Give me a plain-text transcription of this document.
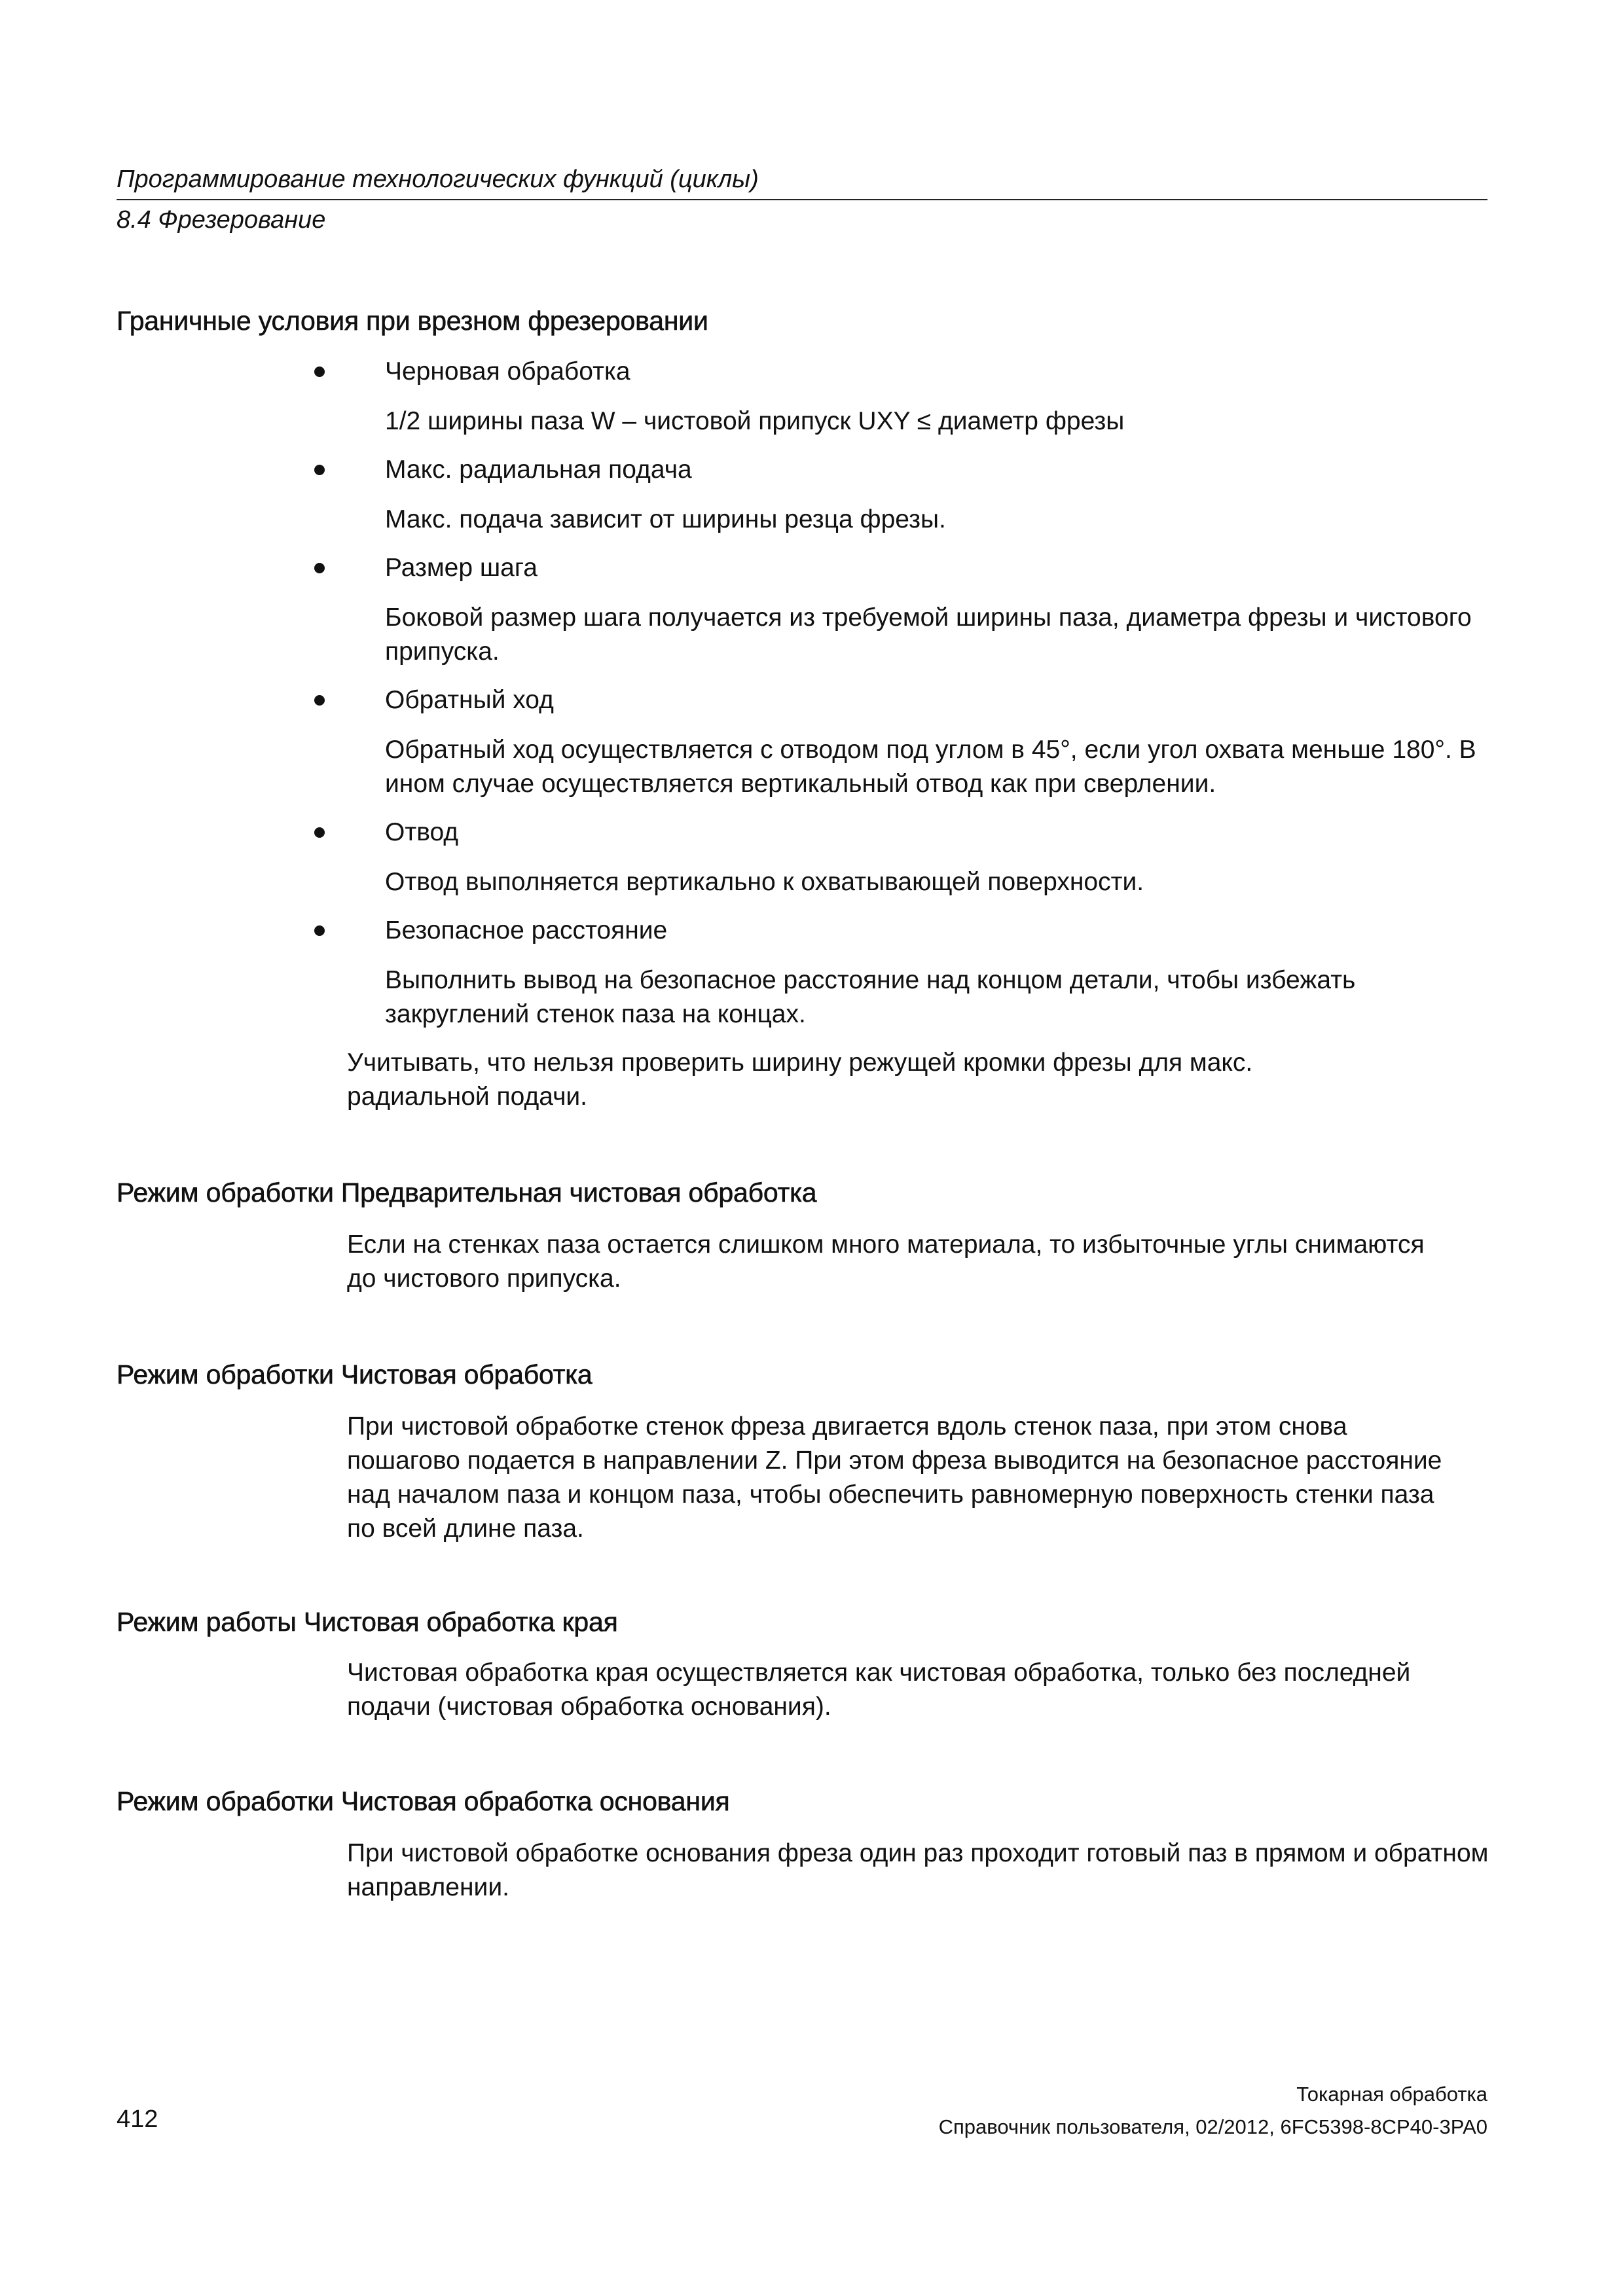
Программирование технологических функций (циклы)
8.4 Фрезерование
Граничные условия при врезном фрезеровании
Черновая обработка
1/2 ширины паза W – чистовой припуск UXY ≤ диаметр фрезы
Макс. радиальная подача
Макс. подача зависит от ширины резца фрезы.
Размер шага
Боковой размер шага получается из требуемой ширины паза, диаметра фрезы и чистового припуска.
Обратный ход
Обратный ход осуществляется с отводом под углом в 45°, если угол охвата меньше 180°. В ином случае осуществляется вертикальный отвод как при сверлении.
Отвод
Отвод выполняется вертикально к охватывающей поверхности.
Безопасное расстояние
Выполнить вывод на безопасное расстояние над концом детали, чтобы избежать закруглений стенок паза на концах.
Учитывать, что нельзя проверить ширину режущей кромки фрезы для макс. радиальной подачи.
Режим обработки Предварительная чистовая обработка
Если на стенках паза остается слишком много материала, то избыточные углы снимаются до чистового припуска.
Режим обработки Чистовая обработка
При чистовой обработке стенок фреза двигается вдоль стенок паза, при этом снова пошагово подается в направлении Z. При этом фреза выводится на безопасное расстояние над началом паза и концом паза, чтобы обеспечить равномерную поверхность стенки паза по всей длине паза.
Режим работы Чистовая обработка края
Чистовая обработка края осуществляется как чистовая обработка, только без последней подачи (чистовая обработка основания).
Режим обработки Чистовая обработка основания
При чистовой обработке основания фреза один раз проходит готовый паз в прямом и обратном направлении.
Токарная обработка
Справочник пользователя, 02/2012, 6FC5398-8CP40-3PA0
412
